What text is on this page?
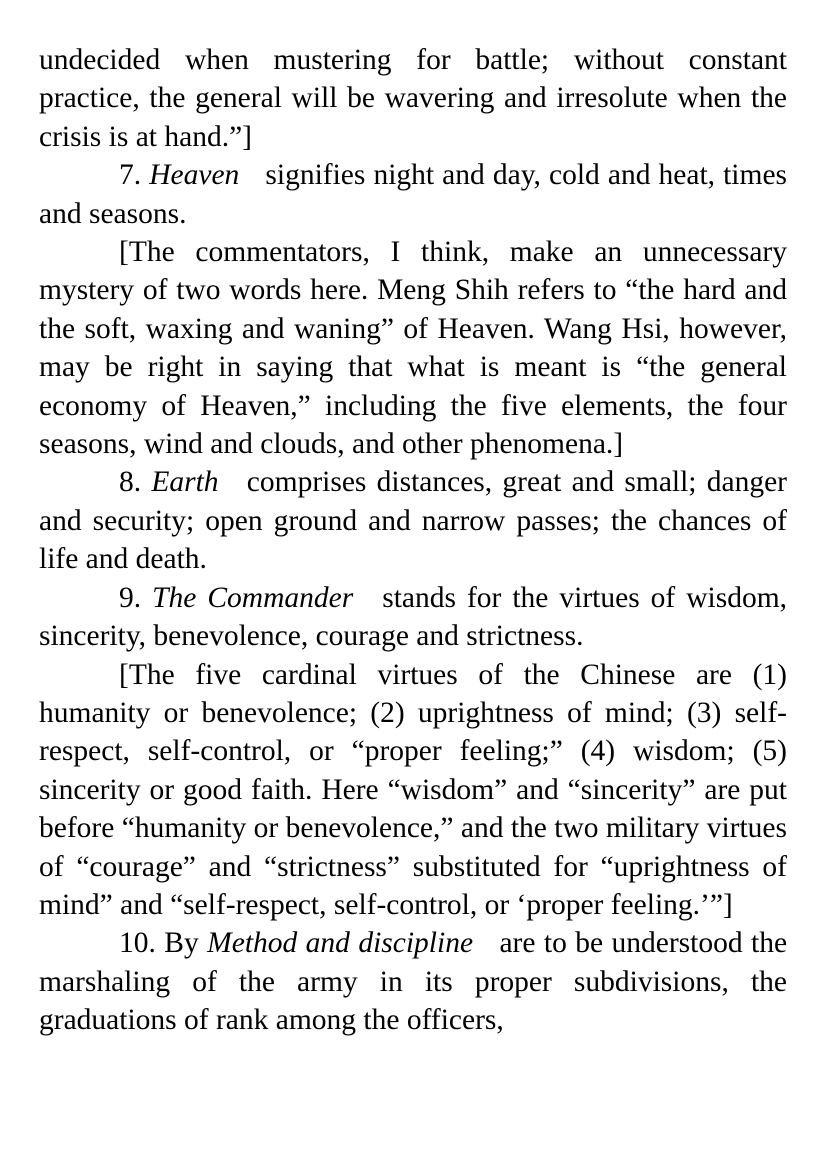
undecided when mustering for battle; without constant practice, the general will be wavering and irresolute when the crisis is at hand.”]

7. Heaven signifies night and day, cold and heat, times and seasons.

[The commentators, I think, make an unnecessary mystery of two words here. Meng Shih refers to “the hard and the soft, waxing and waning” of Heaven. Wang Hsi, however, may be right in saying that what is meant is “the general economy of Heaven,” including the five elements, the four seasons, wind and clouds, and other phenomena.]

8. Earth comprises distances, great and small; danger and security; open ground and narrow passes; the chances of life and death.

9. The Commander stands for the virtues of wisdom, sincerity, benevolence, courage and strictness.

[The five cardinal virtues of the Chinese are (1) humanity or benevolence; (2) uprightness of mind; (3) self-respect, self-control, or “proper feeling;” (4) wisdom; (5) sincerity or good faith. Here “wisdom” and “sincerity” are put before “humanity or benevolence,” and the two military virtues of “courage” and “strictness” substituted for “uprightness of mind” and “self-respect, self-control, or ‘proper feeling.’”]

10. By Method and discipline are to be understood the marshaling of the army in its proper subdivisions, the graduations of rank among the officers,
